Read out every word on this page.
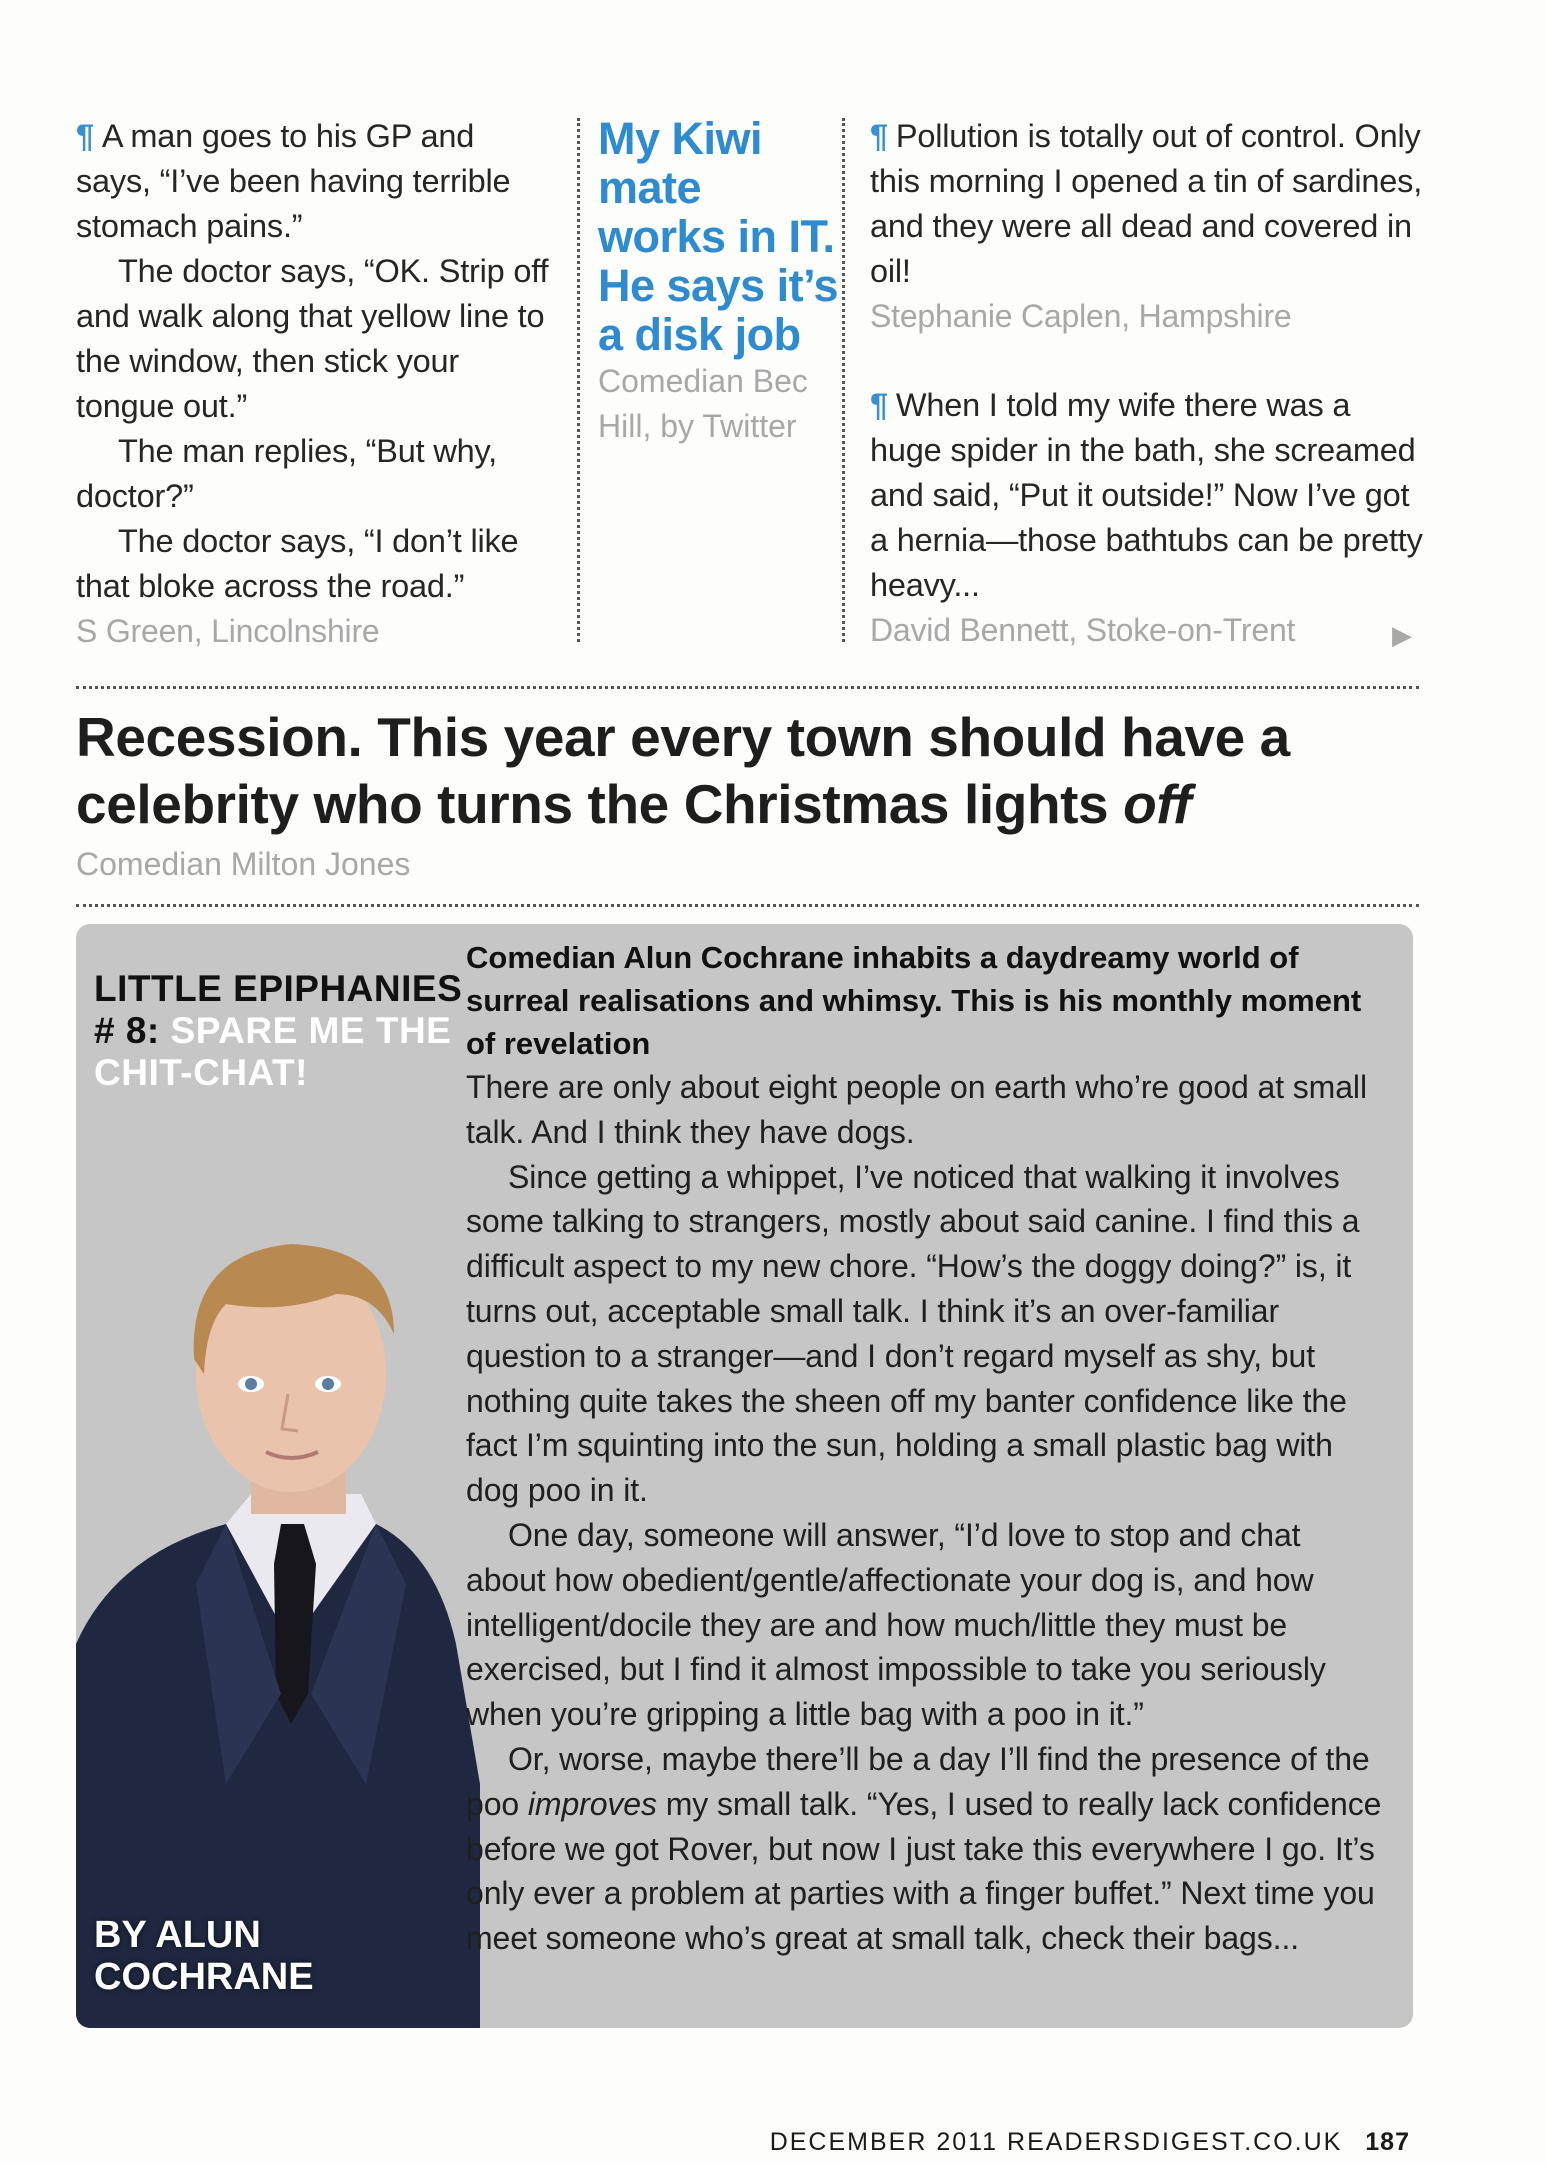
¶ A man goes to his GP and says, “I’ve been having terrible stomach pains.”

The doctor says, “OK. Strip off and walk along that yellow line to the window, then stick your tongue out.”

The man replies, “But why, doctor?”

The doctor says, “I don’t like that bloke across the road.”

S Green, Lincolnshire

My Kiwi mate works in IT. He says it’s a disk job

Comedian Bec Hill, by Twitter

¶ Pollution is totally out of control. Only this morning I opened a tin of sardines, and they were all dead and covered in oil!

Stephanie Caplen, Hampshire

¶ When I told my wife there was a huge spider in the bath, she screamed and said, “Put it outside!” Now I’ve got a hernia—those bathtubs can be pretty heavy...

David Bennett, Stoke-on-Trent	▶
Recession. This year every town should have a celebrity who turns the Christmas lights off
Comedian Milton Jones
LITTLE EPIPHANIES
# 8: SPARE ME THE CHIT-CHAT!
BY ALUN COCHRANE

Comedian Alun Cochrane inhabits a daydreamy world of surreal realisations and whimsy. This is his monthly moment of revelation

There are only about eight people on earth who’re good at small talk. And I think they have dogs.

Since getting a whippet, I’ve noticed that walking it involves some talking to strangers, mostly about said canine. I find this a difficult aspect to my new chore. “How’s the doggy doing?” is, it turns out, acceptable small talk. I think it’s an over-familiar question to a stranger—and I don’t regard myself as shy, but nothing quite takes the sheen off my banter confidence like the fact I’m squinting into the sun, holding a small plastic bag with dog poo in it.

One day, someone will answer, “I’d love to stop and chat about how obedient/gentle/affectionate your dog is, and how intelligent/docile they are and how much/little they must be exercised, but I find it almost impossible to take you seriously when you’re gripping a little bag with a poo in it.”

Or, worse, maybe there’ll be a day I’ll find the presence of the poo improves my small talk. “Yes, I used to really lack confidence before we got Rover, but now I just take this everywhere I go. It’s only ever a problem at parties with a finger buffet.” Next time you meet someone who’s great at small talk, check their bags...

DECEMBER 2011 READERSDIGEST.CO.UK 187
